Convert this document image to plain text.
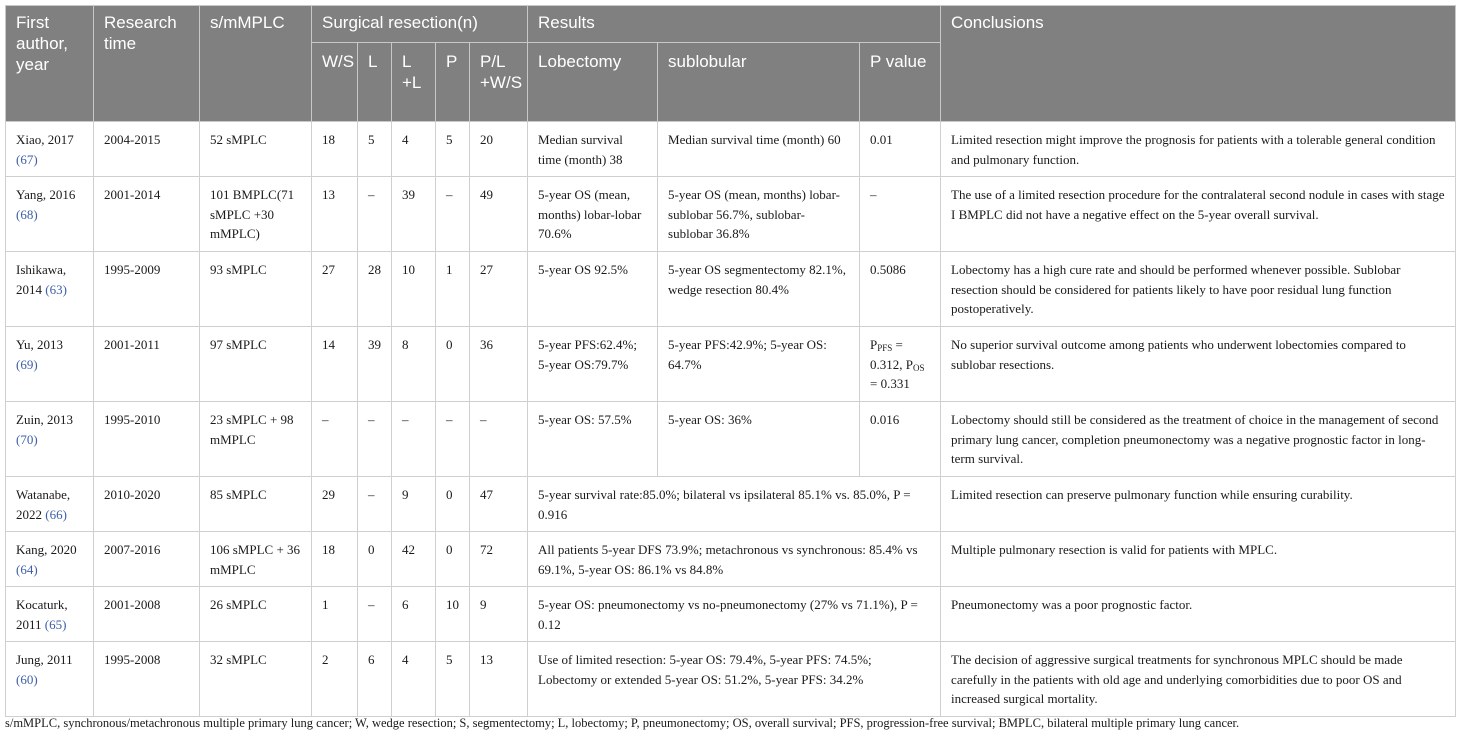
First author, year	Research time	s/mMPLC	Surgical resection(n)					Results			Conclusions
			W/S	L	L +L	P	P/L +W/S	Lobectomy	sublobular	P value	
Xiao, 2017 (67)	2004-2015	52 sMPLC	18	5	4	5	20	Median survival time (month) 38	Median survival time (month) 60	0.01	Limited resection might improve the prognosis for patients with a tolerable general condition and pulmonary function.
Yang, 2016 (68)	2001-2014	101 BMPLC(71 sMPLC +30 mMPLC)	13	–	39	–	49	5-year OS (mean, months) lobar-lobar 70.6%	5-year OS (mean, months) lobar-sublobar 56.7%, sublobar-sublobar 36.8%	–	The use of a limited resection procedure for the contralateral second nodule in cases with stage I BMPLC did not have a negative effect on the 5-year overall survival.
Ishikawa, 2014 (63)	1995-2009	93 sMPLC	27	28	10	1	27	5-year OS 92.5%	5-year OS segmentectomy 82.1%, wedge resection 80.4%	0.5086	Lobectomy has a high cure rate and should be performed whenever possible. Sublobar resection should be considered for patients likely to have poor residual lung function postoperatively.
Yu, 2013 (69)	2001-2011	97 sMPLC	14	39	8	0	36	5-year PFS:62.4%; 5-year OS:79.7%	5-year PFS:42.9%; 5-year OS: 64.7%	$P_{PFS} = 0.312$, $P_{OS} = 0.331$	No superior survival outcome among patients who underwent lobectomies compared to sublobar resections.
Zuin, 2013 (70)	1995-2010	23 sMPLC + 98 mMPLC	–	–	–	–	–	5-year OS: 57.5%	5-year OS: 36%	0.016	Lobectomy should still be considered as the treatment of choice in the management of second primary lung cancer, completion pneumonectomy was a negative prognostic factor in long-term survival.
Watanabe, 2022 (66)	2010-2020	85 sMPLC	29	–	9	0	47	5-year survival rate:85.0%; bilateral vs ipsilateral 85.1% vs. 85.0%, P = 0.916			Limited resection can preserve pulmonary function while ensuring curability.
Kang, 2020 (64)	2007-2016	106 sMPLC + 36 mMPLC	18	0	42	0	72	All patients 5-year DFS 73.9%; metachronous vs synchronous: 85.4% vs 69.1%, 5-year OS: 86.1% vs 84.8%			Multiple pulmonary resection is valid for patients with MPLC.
Kocaturk, 2011 (65)	2001-2008	26 sMPLC	1	–	6	10	9	5-year OS: pneumonectomy vs no-pneumonectomy (27% vs 71.1%), P = 0.12			Pneumonectomy was a poor prognostic factor.
Jung, 2011 (60)	1995-2008	32 sMPLC	2	6	4	5	13	Use of limited resection: 5-year OS: 79.4%, 5-year PFS: 74.5%; Lobectomy or extended 5-year OS: 51.2%, 5-year PFS: 34.2%			The decision of aggressive surgical treatments for synchronous MPLC should be made carefully in the patients with old age and underlying comorbidities due to poor OS and increased surgical mortality.
s/mMPLC, synchronous/metachronous multiple primary lung cancer; W, wedge resection; S, segmentectomy; L, lobectomy; P, pneumonectomy; OS, overall survival; PFS, progression-free survival; BMPLC, bilateral multiple primary lung cancer.
